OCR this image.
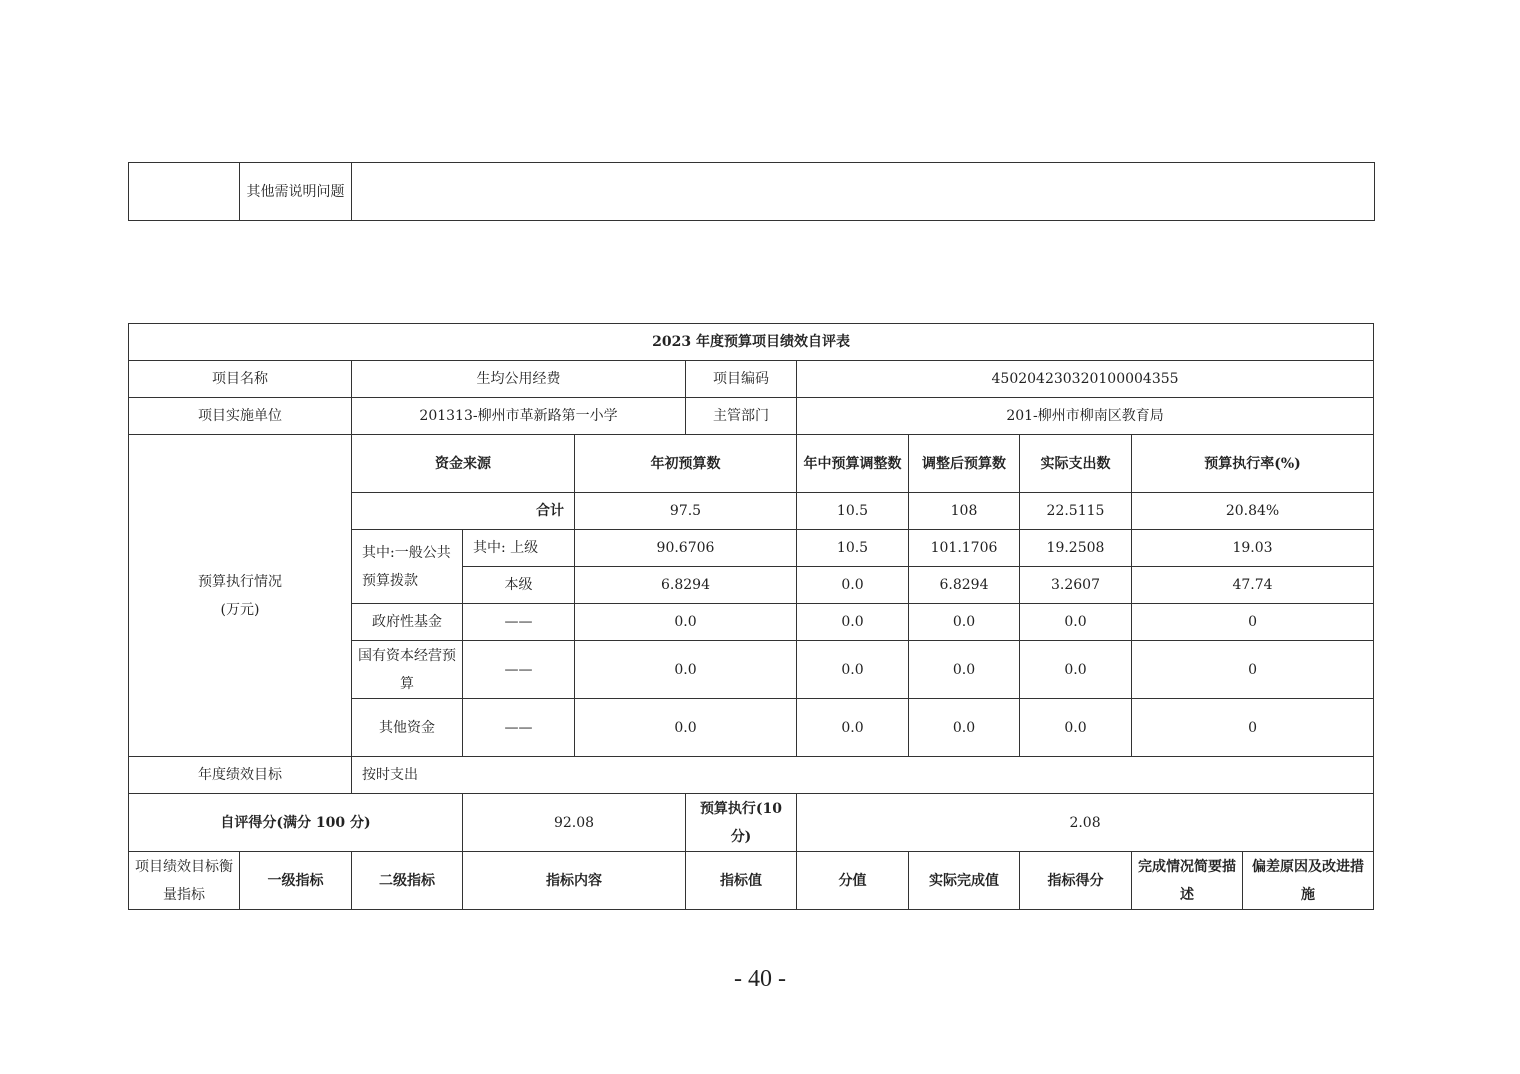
	其他需说明问题	
2023 年度预算项目绩效自评表										
项目名称		生均公用经费			项目编码	450204230320100004355				
项目实施单位		201313-柳州市革新路第一小学			主管部门	201-柳州市柳南区教育局				
预算执行情况
(万元)		资金来源		年初预算数		年中预算调整数	调整后预算数	实际支出数	预算执行率(%)	
		合计		97.5		10.5	108	22.5115	20.84%	
		其中:一般公共预算拨款	其中: 上级	90.6706		10.5	101.1706	19.2508	19.03	
			本级	6.8294		0.0	6.8294	3.2607	47.74	
		政府性基金	——	0.0		0.0	0.0	0.0	0	
		国有资本经营预算	——	0.0		0.0	0.0	0.0	0	
		其他资金	——	0.0		0.0	0.0	0.0	0	
年度绩效目标		按时支出								
自评得分(满分 100 分)			92.08		预算执行(10分)	2.08				
项目绩效目标衡量指标	一级指标	二级指标	指标内容		指标值	分值	实际完成值	指标得分	完成情况简要描述	偏差原因及改进措施
- 40 -
